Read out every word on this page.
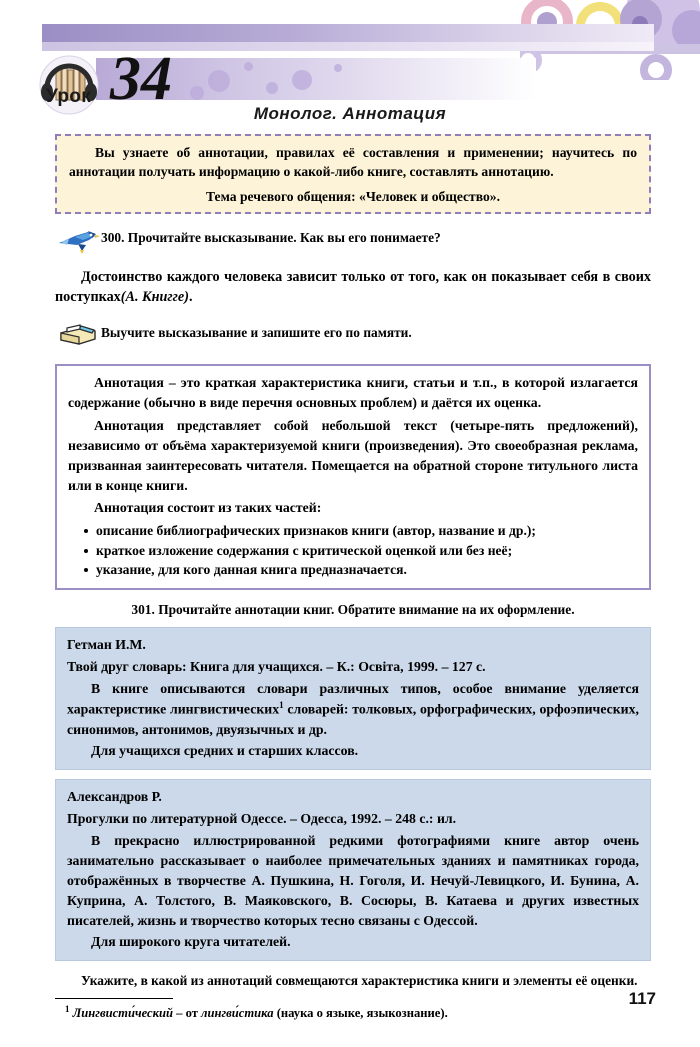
Урок 34
Монолог. Аннотация

Вы узнаете об аннотации, правилах её составления и применении; научитесь по аннотации получать информацию о какой-либо книге, составлять аннотацию.

Тема речевого общения: «Человек и общество».

300. Прочитайте высказывание. Как вы его понимаете?

Достоинство каждого человека зависит только от того, как он показывает себя в своих поступках(А. Книгге).

Выучите высказывание и запишите его по памяти.

Аннотация – это краткая характеристика книги, статьи и т.п., в которой излагается содержание (обычно в виде перечня основных проблем) и даётся их оценка.

Аннотация представляет собой небольшой текст (четыре-пять предложений), независимо от объёма характеризуемой книги (произведения). Это своеобразная реклама, призванная заинтересовать читателя. Помещается на обратной стороне титульного листа или в конце книги.

Аннотация состоит из таких частей:

описание библиографических признаков книги (автор, название и др.);
краткое изложение содержания с критической оценкой или без неё;
указание, для кого данная книга предназначается.
301. Прочитайте аннотации книг. Обратите внимание на их оформление.

Гетман И.М.

Твой друг словарь: Книга для учащихся. – К.: Освіта, 1999. – 127 с.

В книге описываются словари различных типов, особое внимание уделяется характеристике лингвистических$^1$ словарей: толковых, орфографических, орфоэпических, синонимов, антонимов, двуязычных и др.

Для учащихся средних и старших классов.

Александров Р.

Прогулки по литературной Одессе. – Одесса, 1992. – 248 с.: ил.

В прекрасно иллюстрированной редкими фотографиями книге автор очень занимательно рассказывает о наиболее примечательных зданиях и памятниках города, отображённых в творчестве А. Пушкина, Н. Гоголя, И. Нечуй-Левицкого, И. Бунина, А. Куприна, А. Толстого, В. Маяковского, В. Сосюры, В. Катаева и других известных писателей, жизнь и творчество которых тесно связаны с Одессой.

Для широкого круга читателей.

Укажите, в какой из аннотаций совмещаются характеристика книги и элементы её оценки.
$^1$ Лингвисти́ческий – от лингви́стика (наука о языке, языкознание).
117
